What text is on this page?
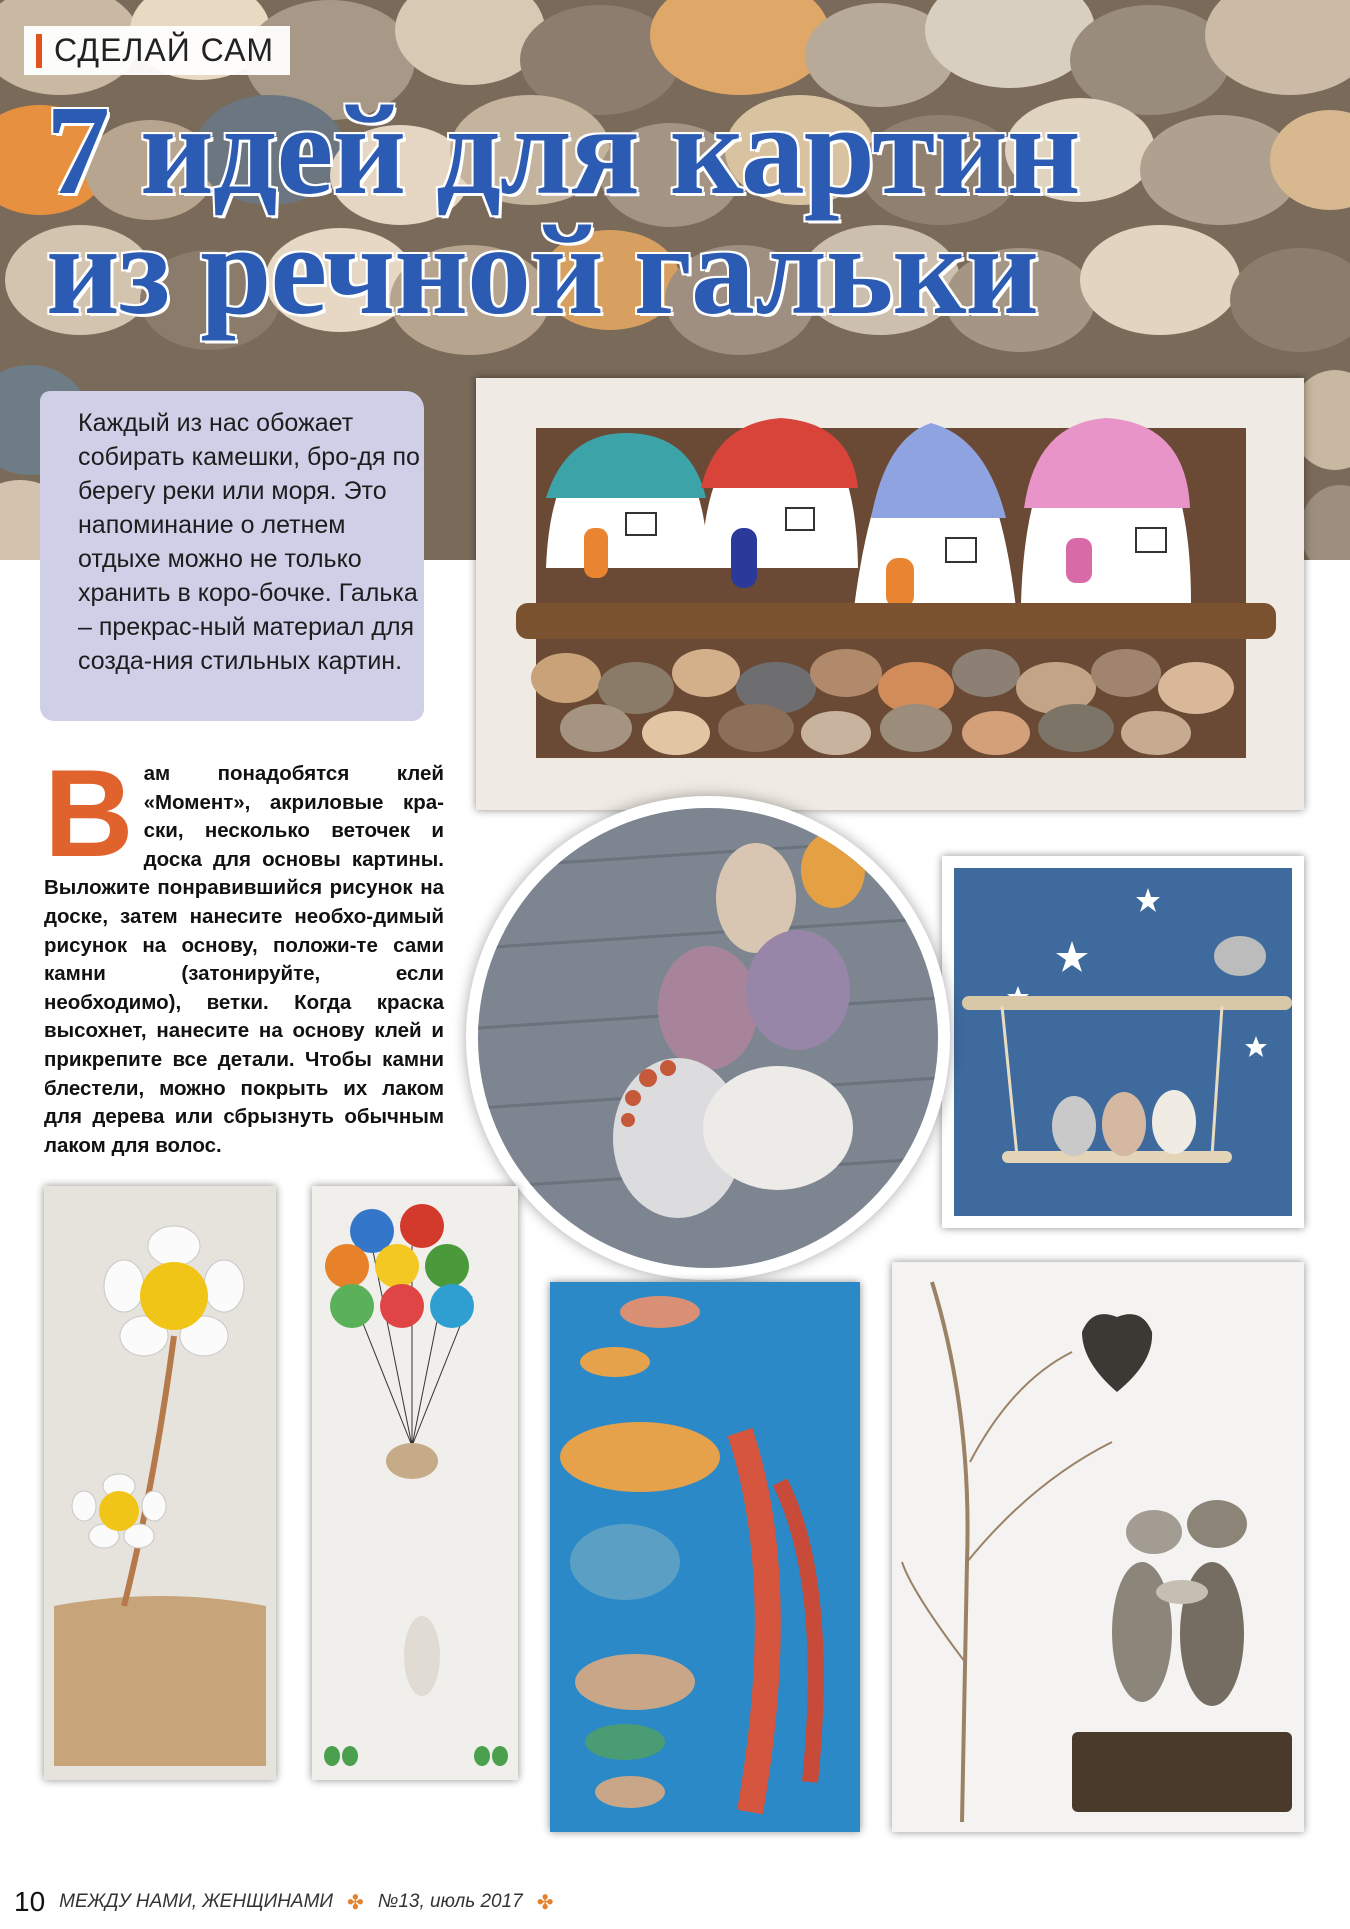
СДЕЛАЙ САМ
7 идей для картин
из речной гальки

Каждый из нас обожает собирать камешки, бро-дя по берегу реки или моря. Это напоминание о летнем отдыхе можно не только хранить в коро-бочке. Галька – прекрас-ный материал для созда-ния стильных картин.

Вам понадобятся клей «Момент», акриловые кра-ски, несколько веточек и доска для основы картины. Выложите понравившийся рисунок на доске, затем нанесите необхо-димый рисунок на основу, положи-те сами камни (затонируйте, если необходимо), ветки. Когда краска высохнет, нанесите на основу клей и прикрепите все детали. Чтобы камни блестели, можно покрыть их лаком для дерева или сбрызнуть обычным лаком для волос.

10 МЕЖДУ НАМИ, ЖЕНЩИНАМИ ✤ №13, июль 2017 ✤
